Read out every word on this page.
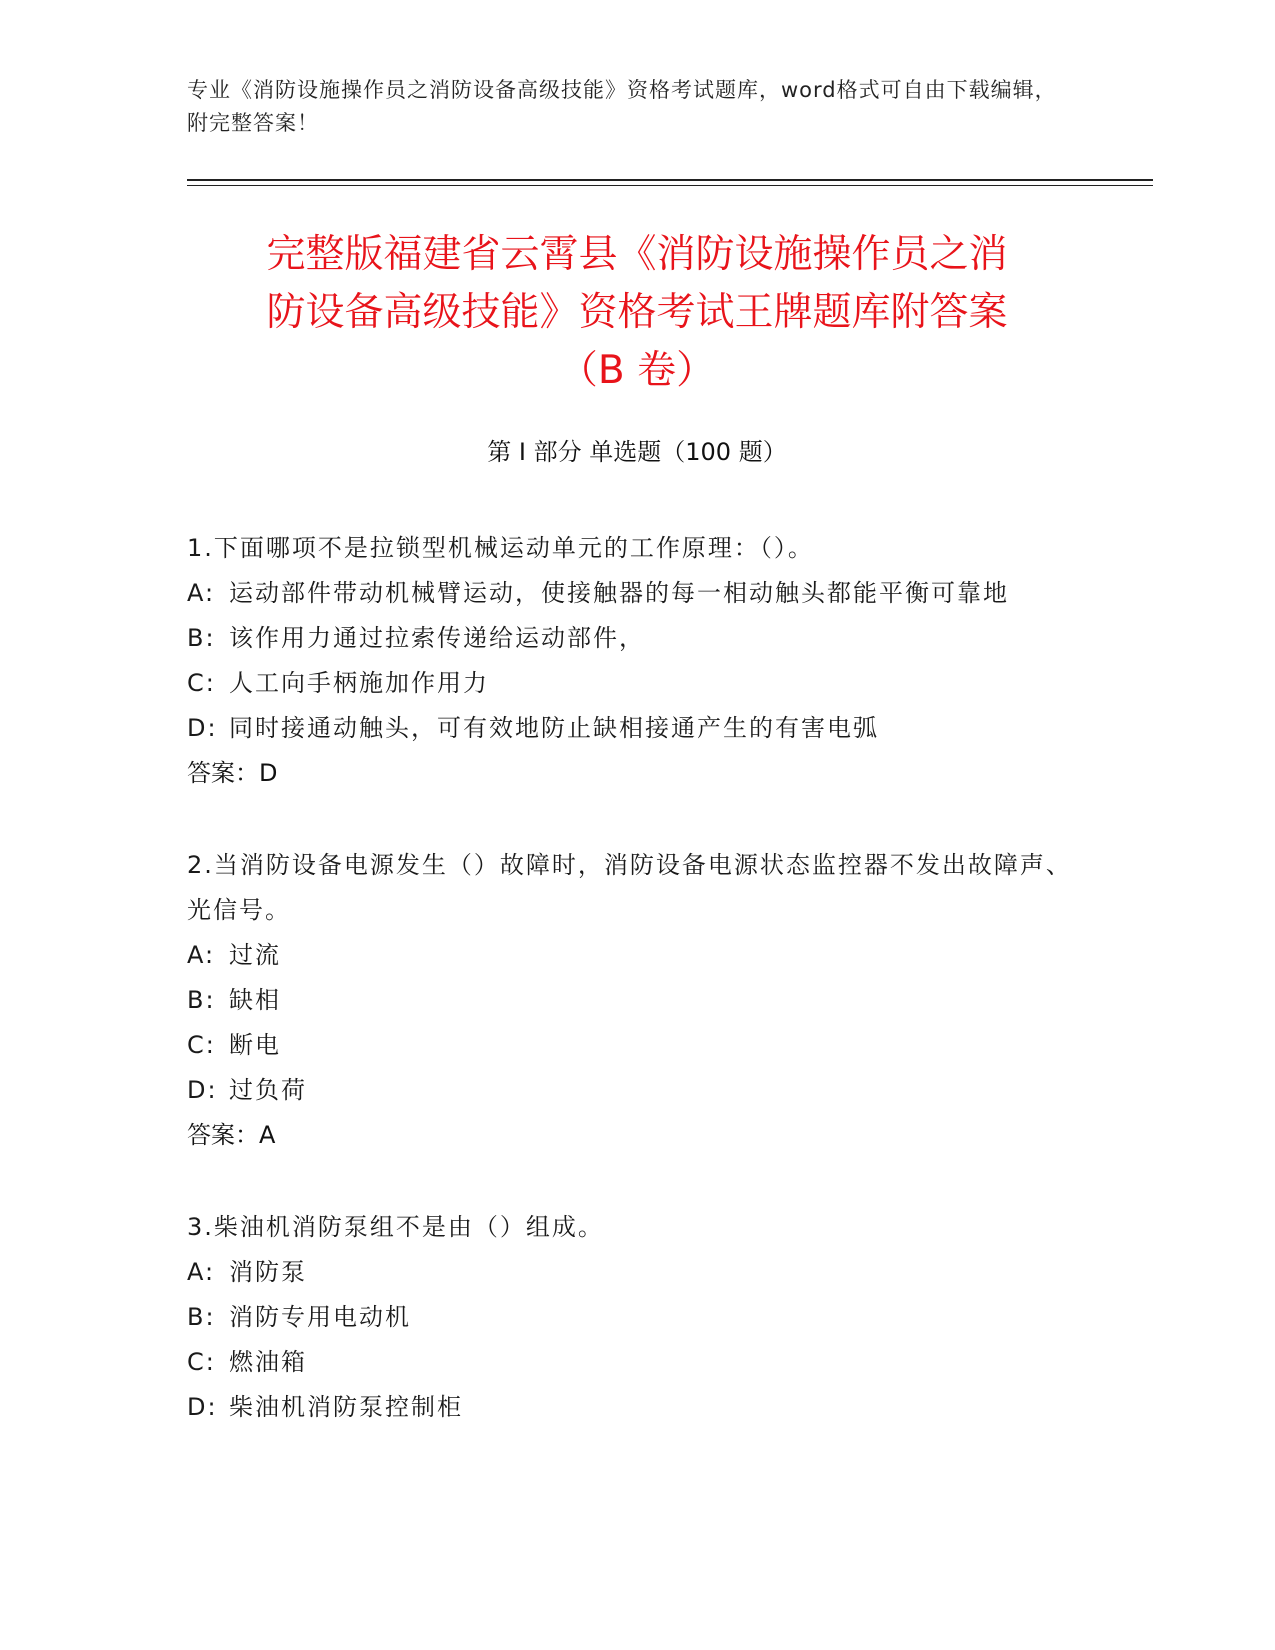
专业《消防设施操作员之消防设备高级技能》资格考试题库，word格式可自由下载编辑，附完整答案！
完整版福建省云霄县《消防设施操作员之消
防设备高级技能》资格考试王牌题库附答案
（B 卷）
第 I 部分 单选题（100 题）
1.下面哪项不是拉锁型机械运动单元的工作原理：（）。
A: 运动部件带动机械臂运动，使接触器的每一相动触头都能平衡可靠地
B: 该作用力通过拉索传递给运动部件，
C: 人工向手柄施加作用力
D: 同时接通动触头，可有效地防止缺相接通产生的有害电弧
答案：D
2.当消防设备电源发生（）故障时，消防设备电源状态监控器不发出故障声、光信号。
A: 过流
B: 缺相
C: 断电
D: 过负荷
答案：A
3.柴油机消防泵组不是由（）组成。
A: 消防泵
B: 消防专用电动机
C: 燃油箱
D: 柴油机消防泵控制柜
